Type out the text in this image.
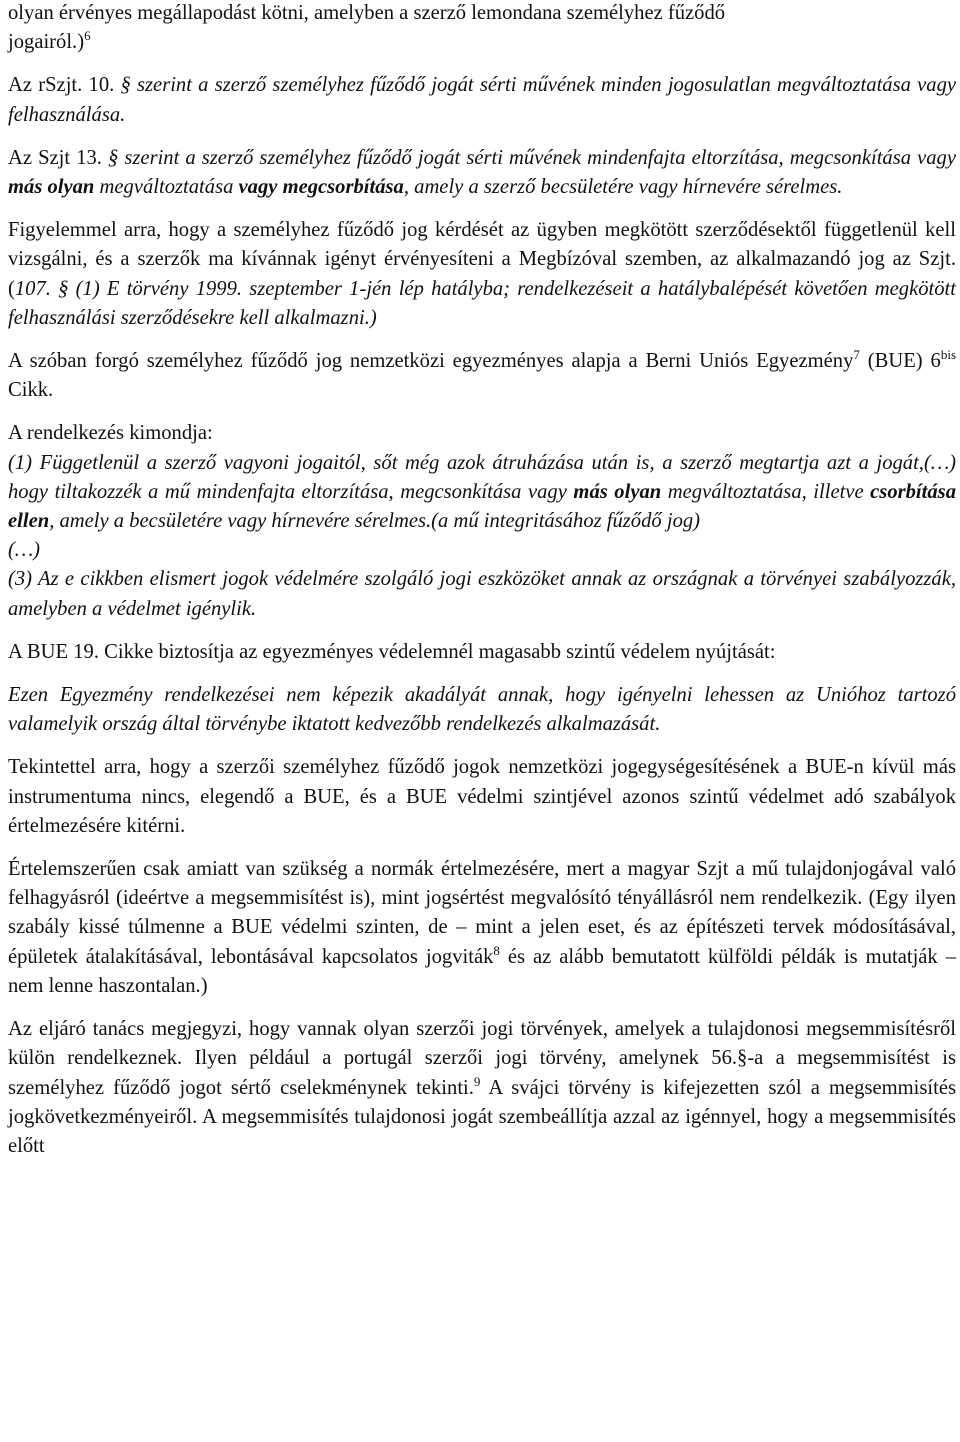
olyan érvényes megállapodást kötni, amelyben a szerző lemondana személyhez fűződő
jogairól.)$^6$

Az rSzjt. 10. § szerint a szerző személyhez fűződő jogát sérti művének minden jogosulatlan megváltoztatása vagy felhasználása.

Az Szjt 13. § szerint a szerző személyhez fűződő jogát sérti művének mindenfajta eltorzítása, megcsonkítása vagy más olyan megváltoztatása vagy megcsorbítása, amely a szerző becsületére vagy hírnevére sérelmes.

Figyelemmel arra, hogy a személyhez fűződő jog kérdését az ügyben megkötött szerződésektől függetlenül kell vizsgálni, és a szerzők ma kívánnak igényt érvényesíteni a Megbízóval szemben, az alkalmazandó jog az Szjt. (107. § (1) E törvény 1999. szeptember 1-jén lép hatályba; rendelkezéseit a hatálybalépését követően megkötött felhasználási szerződésekre kell alkalmazni.)

A szóban forgó személyhez fűződő jog nemzetközi egyezményes alapja a Berni Uniós Egyezmény$^7$ (BUE) $6^{bis}$ Cikk.

A rendelkezés kimondja:
(1) Függetlenül a szerző vagyoni jogaitól, sőt még azok átruházása után is, a szerző megtartja azt a jogát,(…) hogy tiltakozzék a mű mindenfajta eltorzítása, megcsonkítása vagy más olyan megváltoztatása, illetve csorbítása ellen, amely a becsületére vagy hírnevére sérelmes.(a mű integritásához fűződő jog)
(…)
(3) Az e cikkben elismert jogok védelmére szolgáló jogi eszközöket annak az országnak a törvényei szabályozzák, amelyben a védelmet igénylik.

A BUE 19. Cikke biztosítja az egyezményes védelemnél magasabb szintű védelem nyújtását:

Ezen Egyezmény rendelkezései nem képezik akadályát annak, hogy igényelni lehessen az Unióhoz tartozó valamelyik ország által törvénybe iktatott kedvezőbb rendelkezés alkalmazását.

Tekintettel arra, hogy a szerzői személyhez fűződő jogok nemzetközi jogegységesítésének a BUE-n kívül más instrumentuma nincs, elegendő a BUE, és a BUE védelmi szintjével azonos szintű védelmet adó szabályok értelmezésére kitérni.

Értelemszerűen csak amiatt van szükség a normák értelmezésére, mert a magyar Szjt a mű tulajdonjogával való felhagyásról (ideértve a megsemmisítést is), mint jogsértést megvalósító tényállásról nem rendelkezik. (Egy ilyen szabály kissé túlmenne a BUE védelmi szinten, de – mint a jelen eset, és az építészeti tervek módosításával, épületek átalakításával, lebontásával kapcsolatos jogviták$^8$ és az alább bemutatott külföldi példák is mutatják – nem lenne haszontalan.)

Az eljáró tanács megjegyzi, hogy vannak olyan szerzői jogi törvények, amelyek a tulajdonosi megsemmisítésről külön rendelkeznek. Ilyen például a portugál szerzői jogi törvény, amelynek 56.§-a a megsemmisítést is személyhez fűződő jogot sértő cselekménynek tekinti.$^9$ A svájci törvény is kifejezetten szól a megsemmisítés jogkövetkezményeiről. A megsemmisítés tulajdonosi jogát szembeállítja azzal az igénnyel, hogy a megsemmisítés előtt
